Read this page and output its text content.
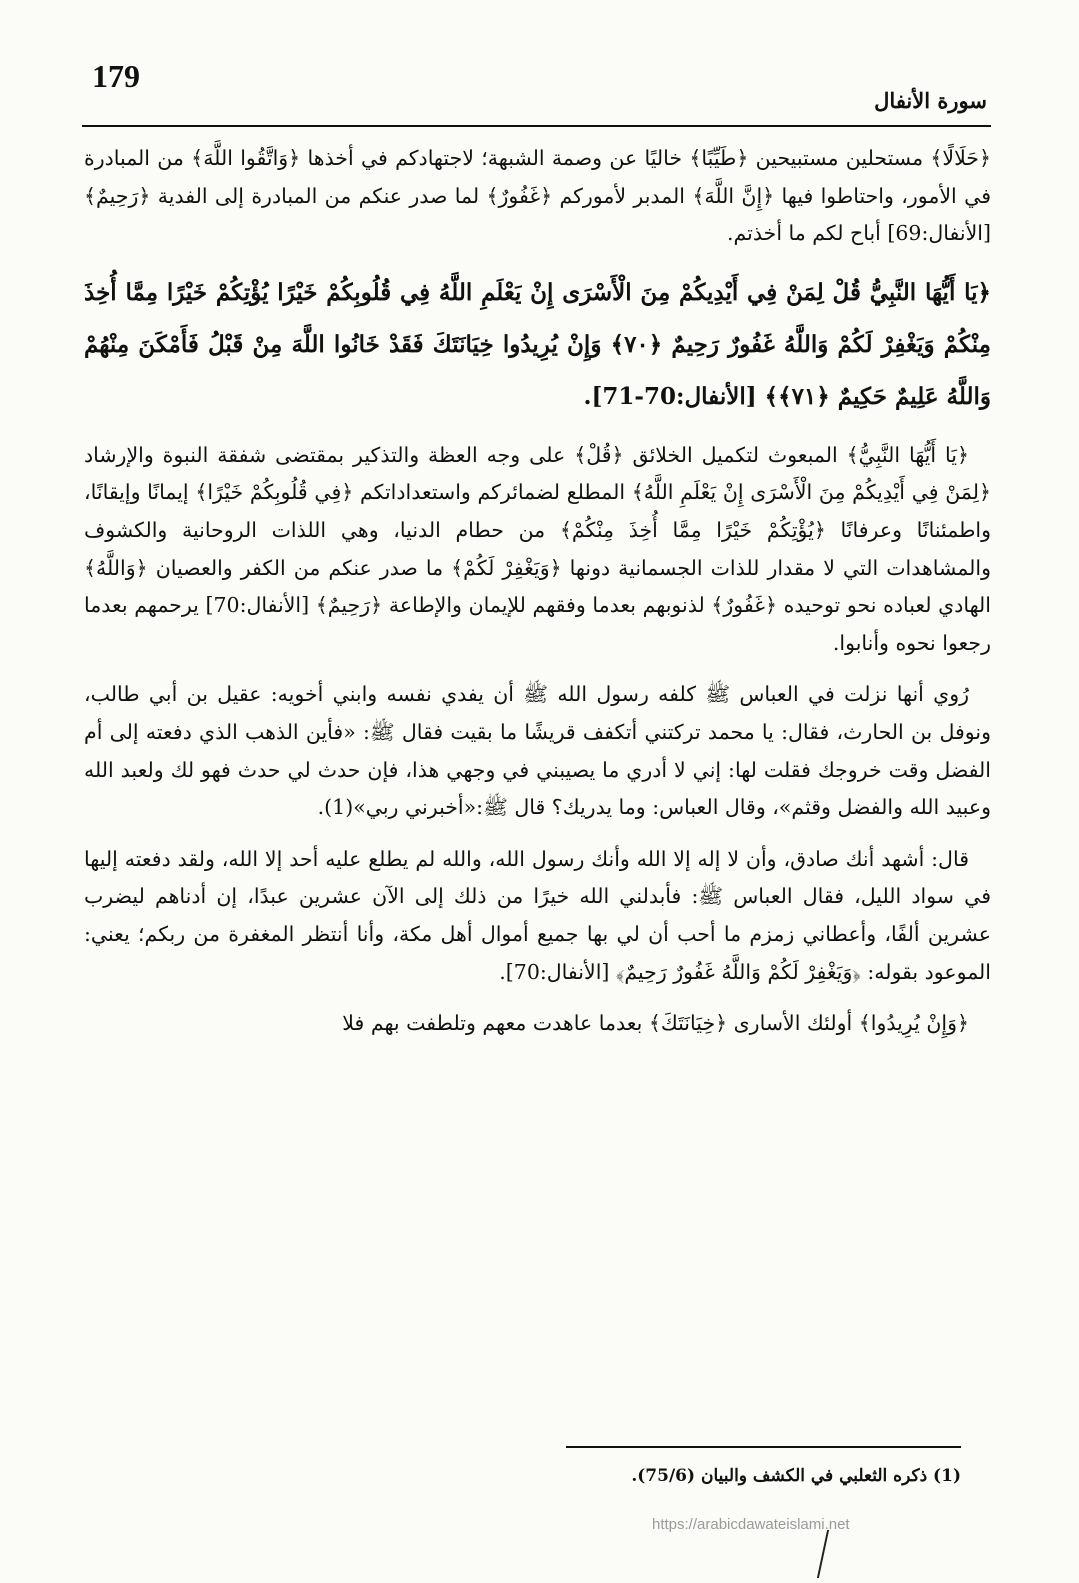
179
سورة الأنفال

﴿حَلَالًا﴾ مستحلين مستبيحين ﴿طَيِّبًا﴾ خاليًا عن وصمة الشبهة؛ لاجتهادكم في أخذها ﴿وَاتَّقُوا اللَّهَ﴾ من المبادرة في الأمور، واحتاطوا فيها ﴿إِنَّ اللَّهَ﴾ المدبر لأموركم ﴿غَفُورٌ﴾ لما صدر عنكم من المبادرة إلى الفدية ﴿رَحِيمٌ﴾ [الأنفال:69] أباح لكم ما أخذتم.

﴿يَا أَيُّهَا النَّبِيُّ قُلْ لِمَنْ فِي أَيْدِيكُمْ مِنَ الْأَسْرَى إِنْ يَعْلَمِ اللَّهُ فِي قُلُوبِكُمْ خَيْرًا يُؤْتِكُمْ خَيْرًا مِمَّا أُخِذَ مِنْكُمْ وَيَغْفِرْ لَكُمْ وَاللَّهُ غَفُورٌ رَحِيمٌ ﴿٧٠﴾ وَإِنْ يُرِيدُوا خِيَانَتَكَ فَقَدْ خَانُوا اللَّهَ مِنْ قَبْلُ فَأَمْكَنَ مِنْهُمْ وَاللَّهُ عَلِيمٌ حَكِيمٌ ﴿٧١﴾﴾ [الأنفال:70-71].

﴿يَا أَيُّهَا النَّبِيُّ﴾ المبعوث لتكميل الخلائق ﴿قُلْ﴾ على وجه العظة والتذكير بمقتضى شفقة النبوة والإرشاد ﴿لِمَنْ فِي أَيْدِيكُمْ مِنَ الْأَسْرَى إِنْ يَعْلَمِ اللَّهُ﴾ المطلع لضمائركم واستعداداتكم ﴿فِي قُلُوبِكُمْ خَيْرًا﴾ إيمانًا وإيقانًا، واطمئنانًا وعرفانًا ﴿يُؤْتِكُمْ خَيْرًا مِمَّا أُخِذَ مِنْكُمْ﴾ من حطام الدنيا، وهي اللذات الروحانية والكشوف والمشاهدات التي لا مقدار للذات الجسمانية دونها ﴿وَيَغْفِرْ لَكُمْ﴾ ما صدر عنكم من الكفر والعصيان ﴿وَاللَّهُ﴾ الهادي لعباده نحو توحيده ﴿غَفُورٌ﴾ لذنوبهم بعدما وفقهم للإيمان والإطاعة ﴿رَحِيمٌ﴾ [الأنفال:70] يرحمهم بعدما رجعوا نحوه وأنابوا.

رُوي أنها نزلت في العباس ﷺ كلفه رسول الله ﷺ أن يفدي نفسه وابني أخويه: عقيل بن أبي طالب، ونوفل بن الحارث، فقال: يا محمد تركتني أتكفف قريشًا ما بقيت فقال ﷺ: «فأين الذهب الذي دفعته إلى أم الفضل وقت خروجك فقلت لها: إني لا أدري ما يصيبني في وجهي هذا، فإن حدث لي حدث فهو لك ولعبد الله وعبيد الله والفضل وقثم»، وقال العباس: وما يدريك؟ قال ﷺ:«أخبرني ربي»(1).

قال: أشهد أنك صادق، وأن لا إله إلا الله وأنك رسول الله، والله لم يطلع عليه أحد إلا الله، ولقد دفعته إليها في سواد الليل، فقال العباس ﷺ: فأبدلني الله خيرًا من ذلك إلى الآن عشرين عبدًا، إن أدناهم ليضرب عشرين ألفًا، وأعطاني زمزم ما أحب أن لي بها جميع أموال أهل مكة، وأنا أنتظر المغفرة من ربكم؛ يعني: الموعود بقوله: ﴿وَيَغْفِرْ لَكُمْ وَاللَّهُ غَفُورٌ رَحِيمٌ﴾ [الأنفال:70].

﴿وَإِنْ يُرِيدُوا﴾ أولئك الأسارى ﴿خِيَانَتَكَ﴾ بعدما عاهدت معهم وتلطفت بهم فلا

(1) ذكره الثعلبي في الكشف والبيان (75/6).
https://arabicdawateislami.net
